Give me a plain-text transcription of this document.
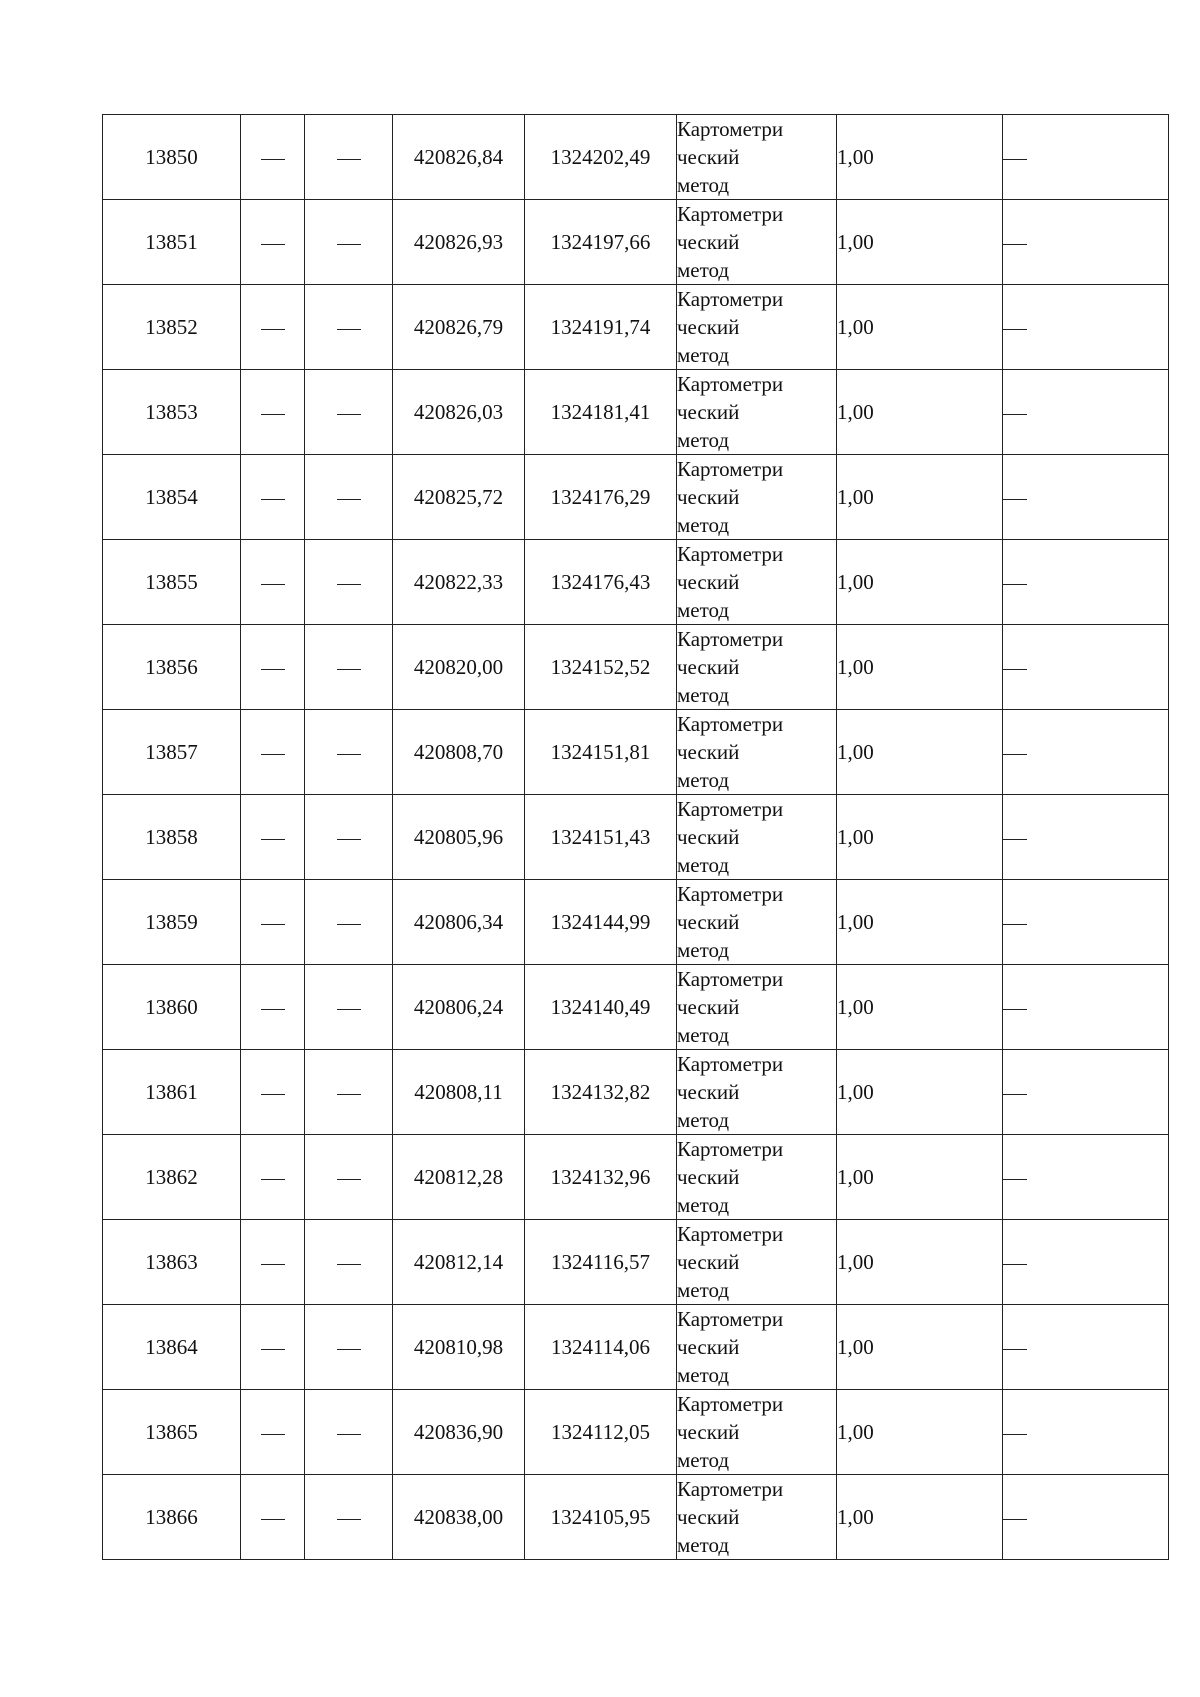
13850			420826,84	1324202,49	Картометри
ческий
метод	1,00	
13851			420826,93	1324197,66	Картометри
ческий
метод	1,00	
13852			420826,79	1324191,74	Картометри
ческий
метод	1,00	
13853			420826,03	1324181,41	Картометри
ческий
метод	1,00	
13854			420825,72	1324176,29	Картометри
ческий
метод	1,00	
13855			420822,33	1324176,43	Картометри
ческий
метод	1,00	
13856			420820,00	1324152,52	Картометри
ческий
метод	1,00	
13857			420808,70	1324151,81	Картометри
ческий
метод	1,00	
13858			420805,96	1324151,43	Картометри
ческий
метод	1,00	
13859			420806,34	1324144,99	Картометри
ческий
метод	1,00	
13860			420806,24	1324140,49	Картометри
ческий
метод	1,00	
13861			420808,11	1324132,82	Картометри
ческий
метод	1,00	
13862			420812,28	1324132,96	Картометри
ческий
метод	1,00	
13863			420812,14	1324116,57	Картометри
ческий
метод	1,00	
13864			420810,98	1324114,06	Картометри
ческий
метод	1,00	
13865			420836,90	1324112,05	Картометри
ческий
метод	1,00	
13866			420838,00	1324105,95	Картометри
ческий
метод	1,00	
